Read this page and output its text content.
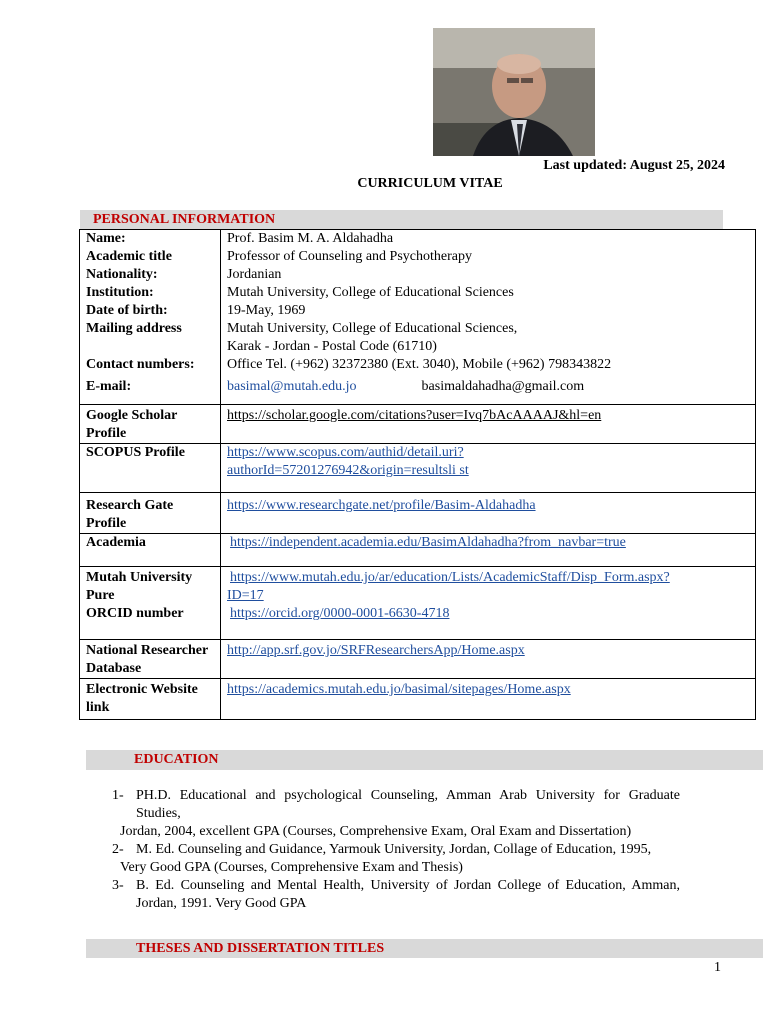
Last updated: August 25, 2024
CURRICULUM VITAE
PERSONAL INFORMATION
Name:	Prof. Basim M. A. Aldahadha
Academic title	Professor of Counseling and Psychotherapy
Nationality:	Jordanian
Institution:	Mutah University, College of Educational Sciences
Date of birth:	19-May, 1969
Mailing address	Mutah University, College of Educational Sciences,
Karak - Jordan - Postal Code (61710)

Contact numbers:	Office Tel. (+962) 32372380 (Ext. 3040), Mobile (+962) 798343822
E-mail:	basimal@mutah.edu.jo basimaldahadha@gmail.com
Google Scholar Profile	https://scholar.google.com/citations?user=Ivq7bAcAAAAJ&hl=en
SCOPUS Profile	https://www.scopus.com/authid/detail.uri?
authorId=57201276942&origin=resultsli st

Research Gate Profile	https://www.researchgate.net/profile/Basim-Aldahadha
Academia	https://independent.academia.edu/BasimAldahadha?from_navbar=true
Mutah University Pure	https://www.mutah.edu.jo/ar/education/Lists/AcademicStaff/Disp_Form.aspx?
ID=17

ORCID number	https://orcid.org/0000-0001-6630-4718
National Researcher Database	http://app.srf.gov.jo/SRFResearchersApp/Home.aspx
Electronic Website link	https://academics.mutah.edu.jo/basimal/sitepages/Home.aspx
EDUCATION
1- PH.D. Educational and psychological Counseling, Amman Arab University for Graduate Studies,
Jordan, 2004, excellent GPA (Courses, Comprehensive Exam, Oral Exam and Dissertation)
2- M. Ed. Counseling and Guidance, Yarmouk University, Jordan, Collage of Education, 1995,
Very Good GPA (Courses, Comprehensive Exam and Thesis)
3- B. Ed. Counseling and Mental Health, University of Jordan College of Education, Amman, Jordan, 1991. Very Good GPA
THESES AND DISSERTATION TITLES
1
